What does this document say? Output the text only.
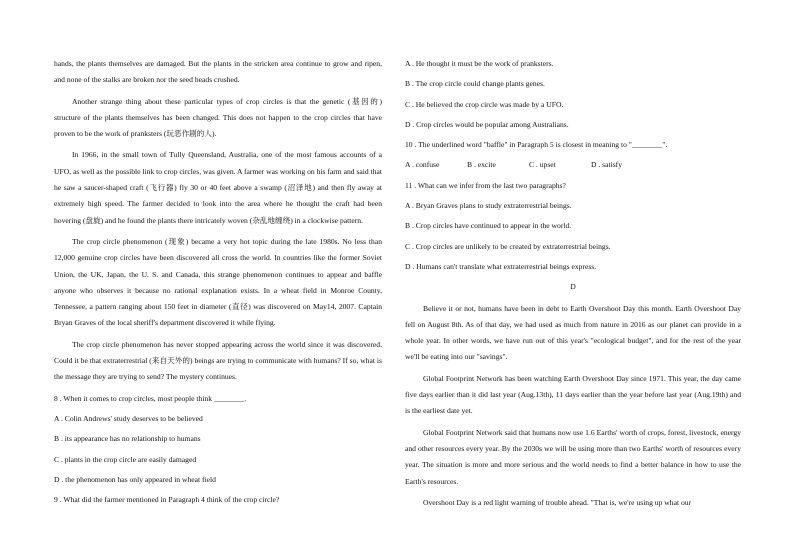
hands, the plants themselves are damaged. But the plants in the stricken area continue to grow and ripen, and none of the stalks are broken nor the seed heads crushed.

Another strange thing about these particular types of crop circles is that the genetic (基因的) structure of the plants themselves has been changed. This does not happen to the crop circles that have proven to be the work of pranksters (玩恶作剧的人).

In 1966, in the small town of Tully Queensland, Australia, one of the most famous accounts of a UFO, as well as the possible link to crop circles, was given. A farmer was working on his farm and said that he saw a saucer-shaped craft (飞行器) fly 30 or 40 feet above a swamp (沼泽地) and then fly away at extremely high speed. The farmer decided to look into the area where he thought the craft had been hovering (盘旋) and he found the plants there intricately woven (杂乱地缠绕) in a clockwise pattern.

The crop circle phenomenon (现象) became a very hot topic during the late 1980s. No less than 12,000 genuine crop circles have been discovered all cross the world. In countries like the former Soviet Union, the UK, Japan, the U. S. and Canada, this strange phenomenon continues to appear and baffle anyone who observes it because no rational explanation exists. In a wheat field in Monroe County, Tennessee, a pattern ranging about 150 feet in diameter (直径) was discovered on May14, 2007. Captain Bryan Graves of the local sheriff's department discovered it while flying.

The crop circle phenomenon has never stopped appearing across the world since it was discovered. Could it be that extraterrestrial (来自天外的) beings are trying to communicate with humans? If so, what is the message they are trying to send? The mystery continues.

8 . When it comes to crop circles, most people think ________.

A . Colin Andrews' study deserves to be believed

B . its appearance has no relationship to humans

C . plants in the crop circle are easily damaged

D . the phenomenon has only appeared in wheat field

9 . What did the farmer mentioned in Paragraph 4 think of the crop circle?

A . He thought it must be the work of pranksters.

B . The crop circle could change plants genes.

C . He believed the crop circle was made by a UFO.

D . Crop circles would be popular among Australians.

10 . The underlined word "baffle" in Paragraph 5 is closest in meaning to "________".

A . confuse	B . excite	C . upset	D . satisfy

11 . What can we infer from the last two paragraphs?

A . Bryan Graves plans to study extraterrestrial beings.

B . Crop circles have continued to appear in the world.

C . Crop circles are unlikely to be created by extraterrestrial beings.

D . Humans can't translate what extraterrestrial beings express.

D

Believe it or not, humans have been in debt to Earth Overshoot Day this month. Earth Overshoot Day fell on August 8th. As of that day, we had used as much from nature in 2016 as our planet can provide in a whole year. In other words, we have run out of this year's "ecological budget", and for the rest of the year we'll be eating into our "savings".

Global Footprint Network has been watching Earth Overshoot Day since 1971. This year, the day came five days earlier than it did last year (Aug.13th), 11 days earlier than the year before last year (Aug.19th) and is the earliest date yet.

Global Footprint Network said that humans now use 1.6 Earths' worth of crops, forest, livestock, energy and other resources every year. By the 2030s we will be using more than two Earths' worth of resources every year. The situation is more and more serious and the world needs to find a better balance in how to use the Earth's resources.

Overshoot Day is a red light warning of trouble ahead. "That is, we're using up what our
